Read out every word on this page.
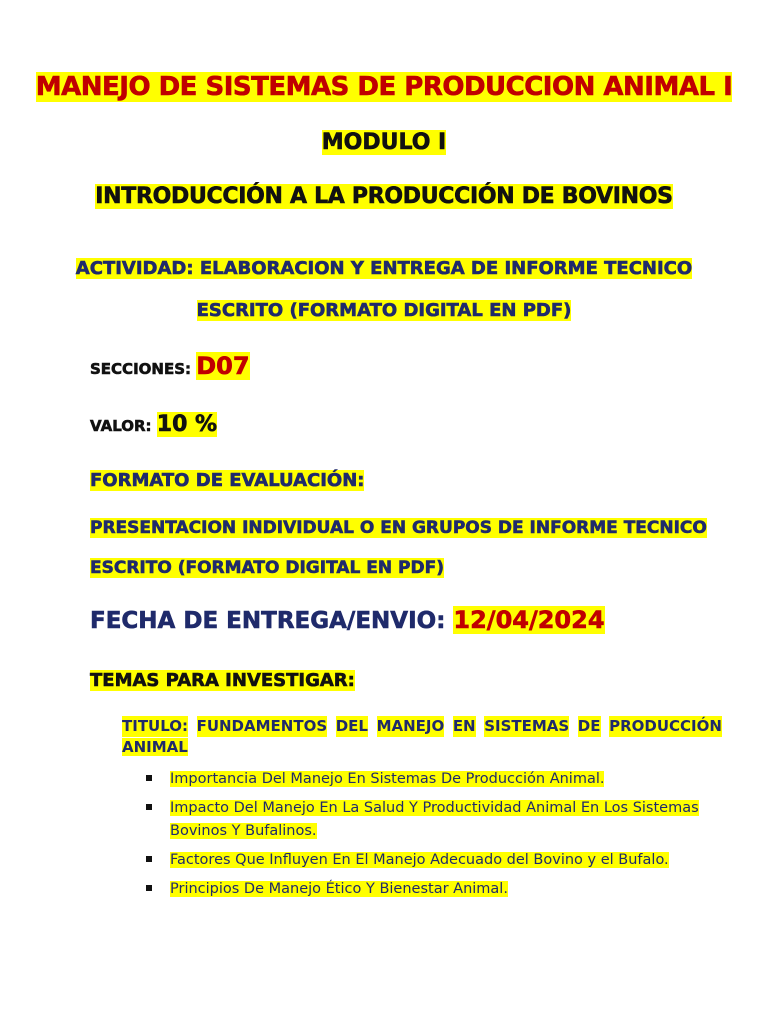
MANEJO DE SISTEMAS DE PRODUCCION ANIMAL I
MODULO I
INTRODUCCIÓN A LA PRODUCCIÓN DE BOVINOS
ACTIVIDAD: ELABORACION Y ENTREGA DE INFORME TECNICO
ESCRITO (FORMATO DIGITAL EN PDF)
SECCIONES: D07
VALOR: 10 %
FORMATO DE EVALUACIÓN:
PRESENTACION INDIVIDUAL O EN GRUPOS DE INFORME TECNICO
ESCRITO (FORMATO DIGITAL EN PDF)
FECHA DE ENTREGA/ENVIO: 12/04/2024
TEMAS PARA INVESTIGAR:
TITULO: FUNDAMENTOS DEL MANEJO EN SISTEMAS DE PRODUCCIÓN
ANIMAL
Importancia Del Manejo En Sistemas De Producción Animal.
Impacto Del Manejo En La Salud Y Productividad Animal En Los Sistemas Bovinos Y Bufalinos.
Factores Que Influyen En El Manejo Adecuado del Bovino y el Bufalo.
Principios De Manejo Ético Y Bienestar Animal.
